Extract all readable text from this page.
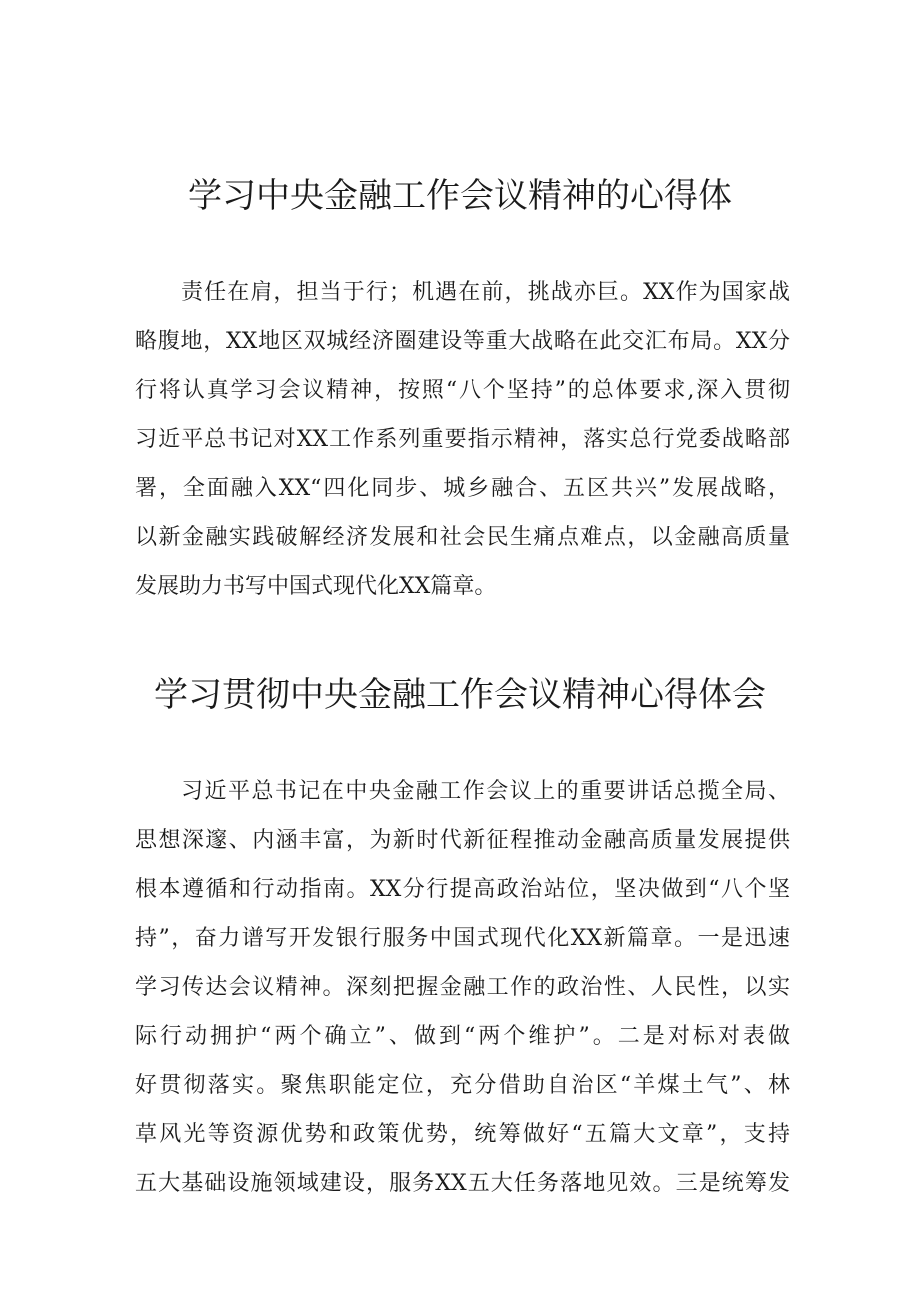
学习中央金融工作会议精神的心得体
责任在肩，担当于行；机遇在前，挑战亦巨。XX作为国家战
略腹地，XX地区双城经济圈建设等重大战略在此交汇布局。XX分
行将认真学习会议精神，按照“八个坚持”的总体要求,深入贯彻
习近平总书记对XX工作系列重要指示精神，落实总行党委战略部
署，全面融入XX“四化同步、城乡融合、五区共兴”发展战略，
以新金融实践破解经济发展和社会民生痛点难点，以金融高质量
发展助力书写中国式现代化XX篇章。
学习贯彻中央金融工作会议精神心得体会
习近平总书记在中央金融工作会议上的重要讲话总揽全局、
思想深邃、内涵丰富，为新时代新征程推动金融高质量发展提供
根本遵循和行动指南。XX分行提高政治站位，坚决做到“八个坚
持”，奋力谱写开发银行服务中国式现代化XX新篇章。一是迅速
学习传达会议精神。深刻把握金融工作的政治性、人民性，以实
际行动拥护“两个确立”、做到“两个维护”。二是对标对表做
好贯彻落实。聚焦职能定位，充分借助自治区“羊煤土气”、林
草风光等资源优势和政策优势，统筹做好“五篇大文章”，支持
五大基础设施领域建设，服务XX五大任务落地见效。三是统筹发
